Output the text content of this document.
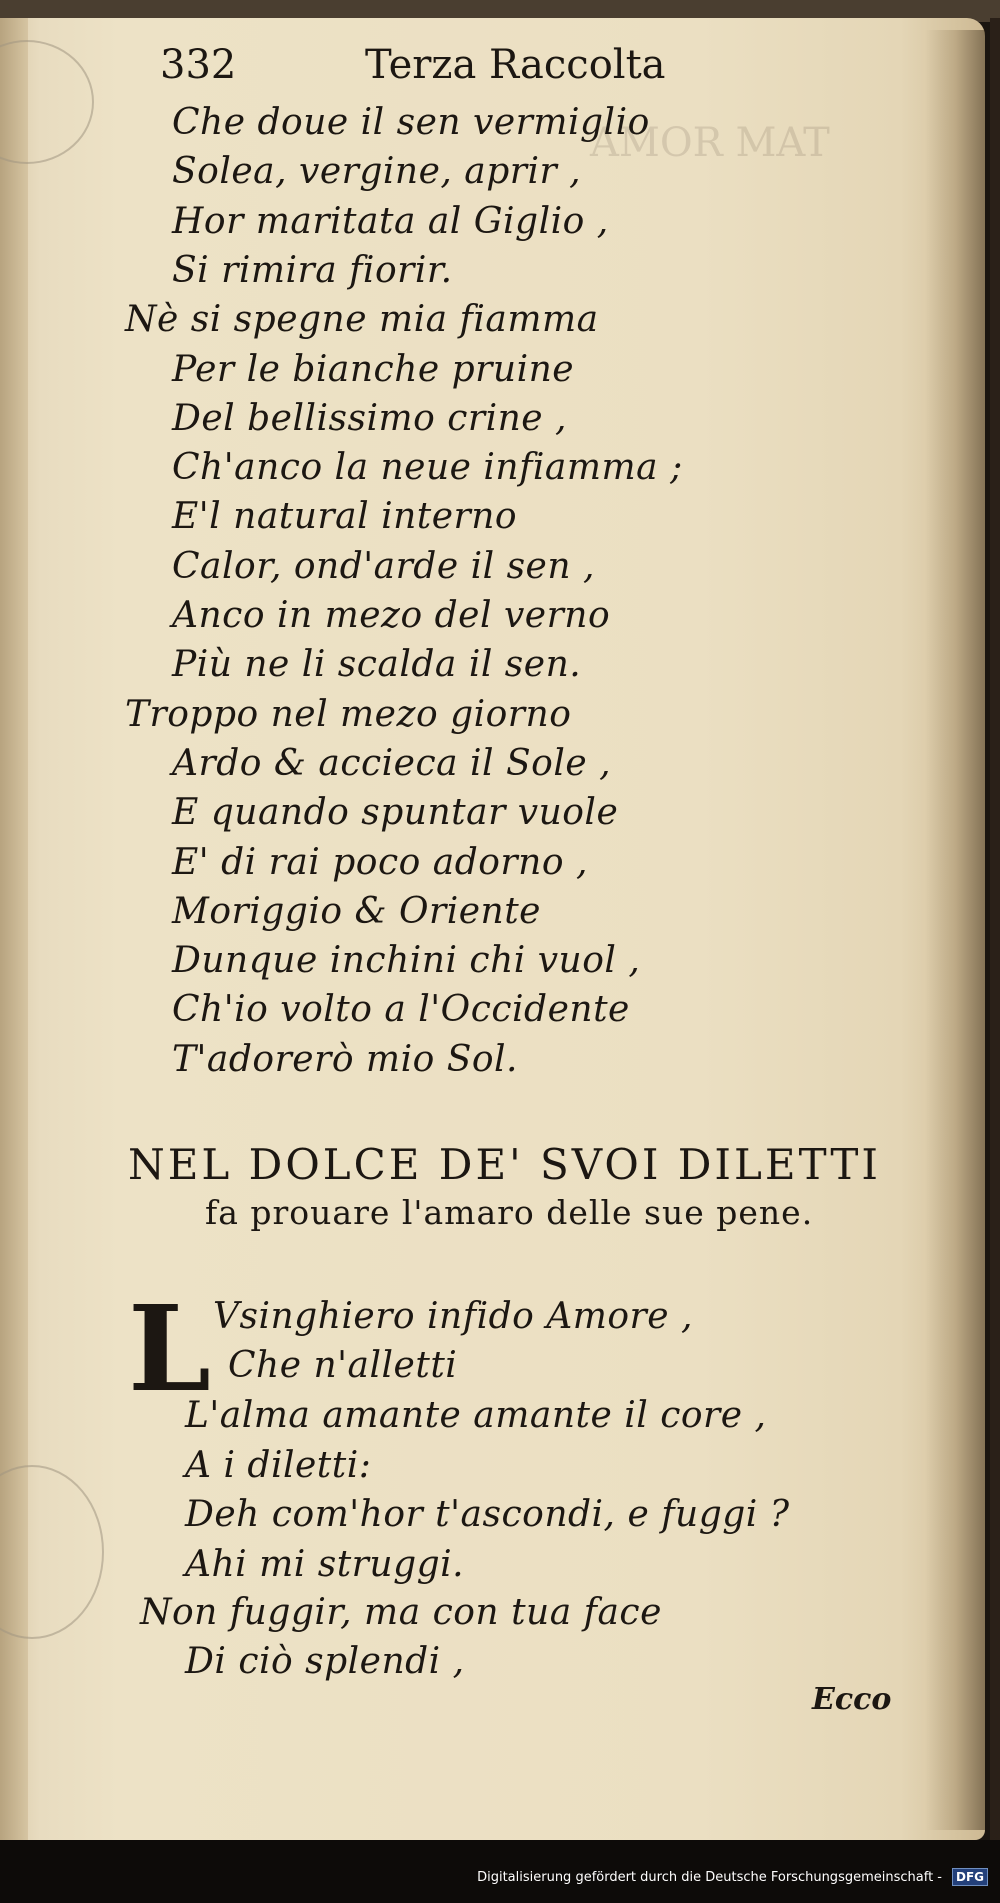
AMOR MAT
332	Terza Raccolta
Che doue il sen vermiglio
Solea, vergine, aprir ,
Hor maritata al Giglio ,
Si rimira fiorir.
Nè si spegne mia fiamma
Per le bianche pruine
Del bellissimo crine ,
Ch'anco la neue infiamma ;
E'l natural interno
Calor, ond'arde il sen ,
Anco in mezo del verno
Più ne li scalda il sen.
Troppo nel mezo giorno
Ardo & accieca il Sole ,
E quando spuntar vuole
E' di rai poco adorno ,
Moriggio & Oriente
Dunque inchini chi vuol ,
Ch'io volto a l'Occidente
T'adorerò mio Sol.
NEL DOLCE DE' SVOI DILETTI
fa prouare l'amaro delle sue pene.
L Vsinghiero infido Amore ,
Che n'alletti
L'alma amante amante il core ,
A i diletti:
Deh com'hor t'ascondi, e fuggi ?
Ahi mi struggi.
Non fuggir, ma con tua face
Di ciò splendi ,
Ecco
Digitalisierung gefördert durch die Deutsche Forschungsgemeinschaft -	DFG
